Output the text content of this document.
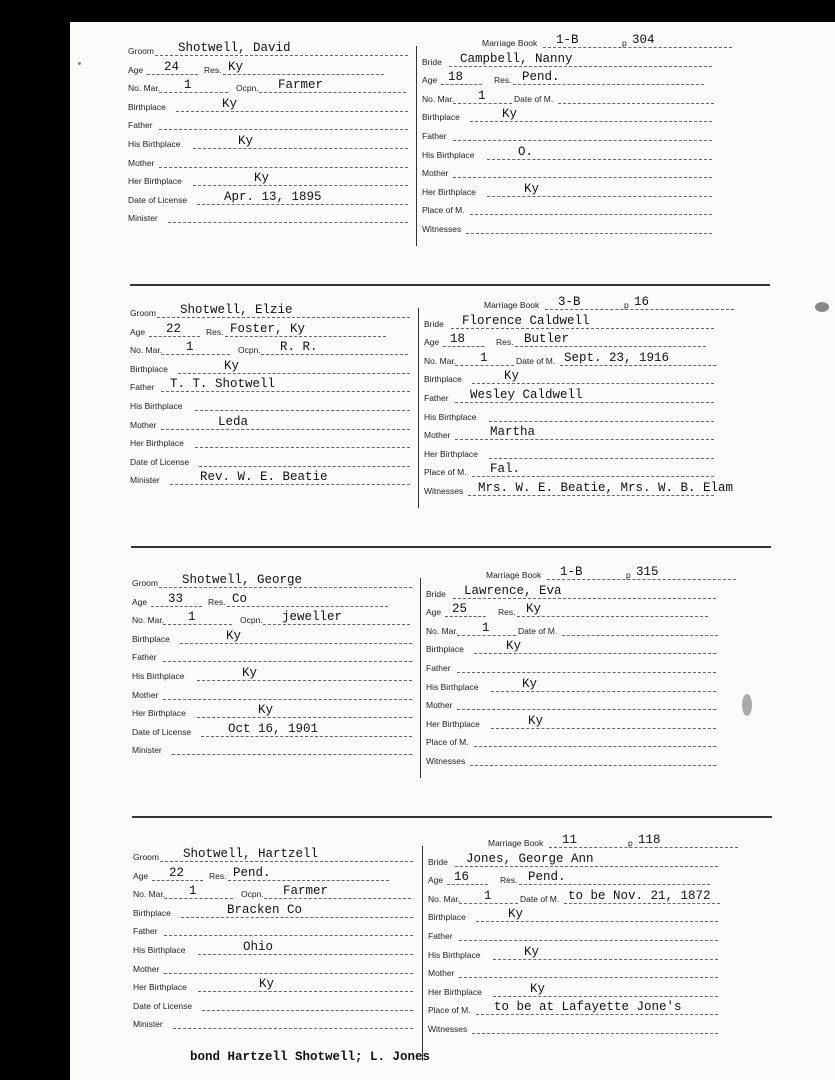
Groom Shotwell, David
Age 24	Res. Ky
No. Mar. 1	Ocpn. Farmer
Birthplace	Ky
Father
His Birthplace	Ky
Mother
Her Birthplace	Ky
Date of License	Apr. 13, 1895
Minister
Marriage Book 1-B	p 304
Bride Campbell, Nanny
Age 18	Res. Pend.
No. Mar. 1	Date of M.
Birthplace	Ky
Father
His Birthplace	O.
Mother
Her Birthplace	Ky
Place of M.
Witnesses
Groom Shotwell, Elzie
Age 22	Res. Foster, Ky
No. Mar. 1	Ocpn. R. R.
Birthplace	Ky
Father T. T. Shotwell
His Birthplace
Mother	Leda
Her Birthplace
Date of License
Minister	Rev. W. E. Beatie
Marriage Book 3-B	p 16
Bride Florence Caldwell
Age 18	Res. Butler
No. Mar. 1	Date of M. Sept. 23, 1916
Birthplace	Ky
Father Wesley Caldwell
His Birthplace
Mother	Martha
Her Birthplace
Place of M. Fal.
Witnesses Mrs. W. E. Beatie, Mrs. W. B. Elam
Groom Shotwell, George
Age 33	Res. Co
No. Mar. 1	Ocpn. jeweller
Birthplace	Ky
Father
His Birthplace	Ky
Mother
Her Birthplace	Ky
Date of License	Oct 16, 1901
Minister
Marriage Book 1-B	p 315
Bride Lawrence, Eva
Age 25	Res. Ky
No. Mar. 1	Date of M.
Birthplace	Ky
Father
His Birthplace	Ky
Mother
Her Birthplace	Ky
Place of M.
Witnesses
Groom Shotwell, Hartzell
Age 22	Res. Pend.
No. Mar. 1	Ocpn. Farmer
Birthplace	Bracken Co
Father
His Birthplace	Ohio
Mother
Her Birthplace	Ky
Date of License
Minister
Marriage Book 11	p 118
Bride Jones, George Ann
Age 16	Res. Pend.
No. Mar. 1	Date of M. to be Nov. 21, 1872
Birthplace	Ky
Father
His Birthplace	Ky
Mother
Her Birthplace	Ky
Place of M. to be at Lafayette Jone's
Witnesses
bond Hartzell Shotwell; L. Jones
